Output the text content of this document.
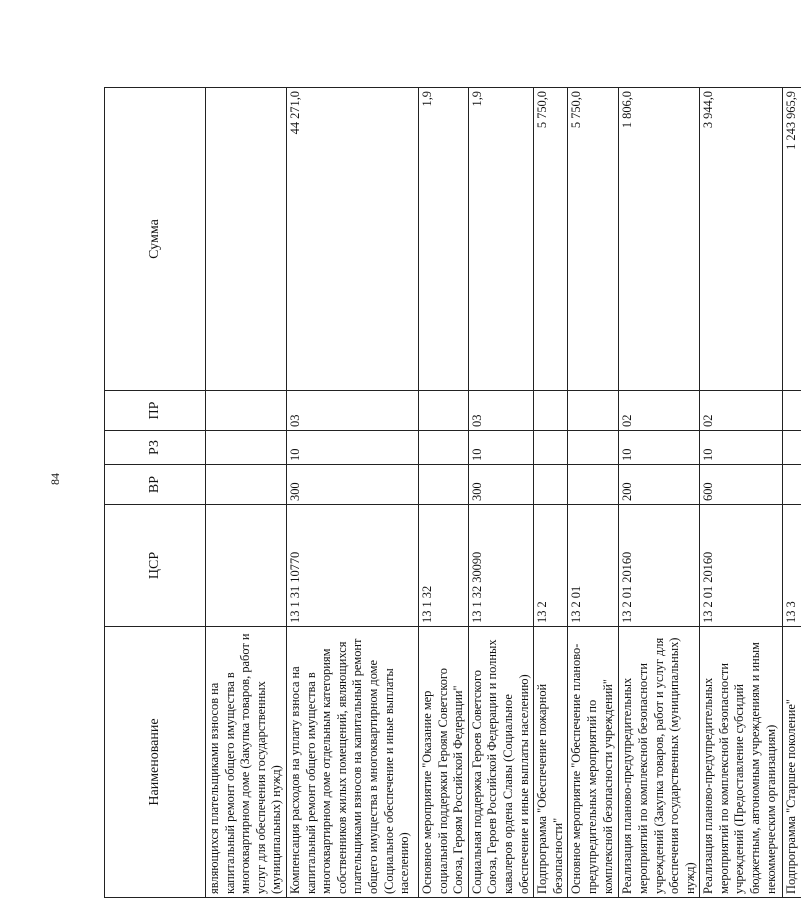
84
Наименование	ЦСР	ВР	РЗ	ПР	Сумма
являющихся плательщиками взносов на капитальный ремонт общего имущества в многоквартирном доме (Закупка товаров, работ и услуг для обеспечения государственных (муниципальных) нужд)					
Компенсация расходов на уплату взноса на капитальный ремонт общего имущества в многоквартирном доме отдельным категориям собственников жилых помещений, являющихся плательщиками взносов на капитальный ремонт общего имущества в многоквартирном доме (Социальное обеспечение и иные выплаты населению)	13 1 31 10770	300	10	03	44 271,0
Основное мероприятие "Оказание мер социальной поддержки Героям Советского Союза, Героям Российской Федерации"	13 1 32				1,9
Социальная поддержка Героев Советского Союза, Героев Российской Федерации и полных кавалеров ордена Славы (Социальное обеспечение и иные выплаты населению)	13 1 32 30090	300	10	03	1,9
Подпрограмма "Обеспечение пожарной безопасности"	13 2				5 750,0
Основное мероприятие "Обеспечение планово-предупредительных мероприятий по комплексной безопасности учреждений"	13 2 01				5 750,0
Реализация планово-предупредительных мероприятий по комплексной безопасности учреждений (Закупка товаров, работ и услуг для обеспечения государственных (муниципальных) нужд)	13 2 01 20160	200	10	02	1 806,0
Реализация планово-предупредительных мероприятий по комплексной безопасности учреждений (Предоставление субсидий бюджетным, автономным учреждениям и иным некоммерческим организациям)	13 2 01 20160	600	10	02	3 944,0
Подпрограмма "Старшее поколение"	13 3				1 243 965,9
